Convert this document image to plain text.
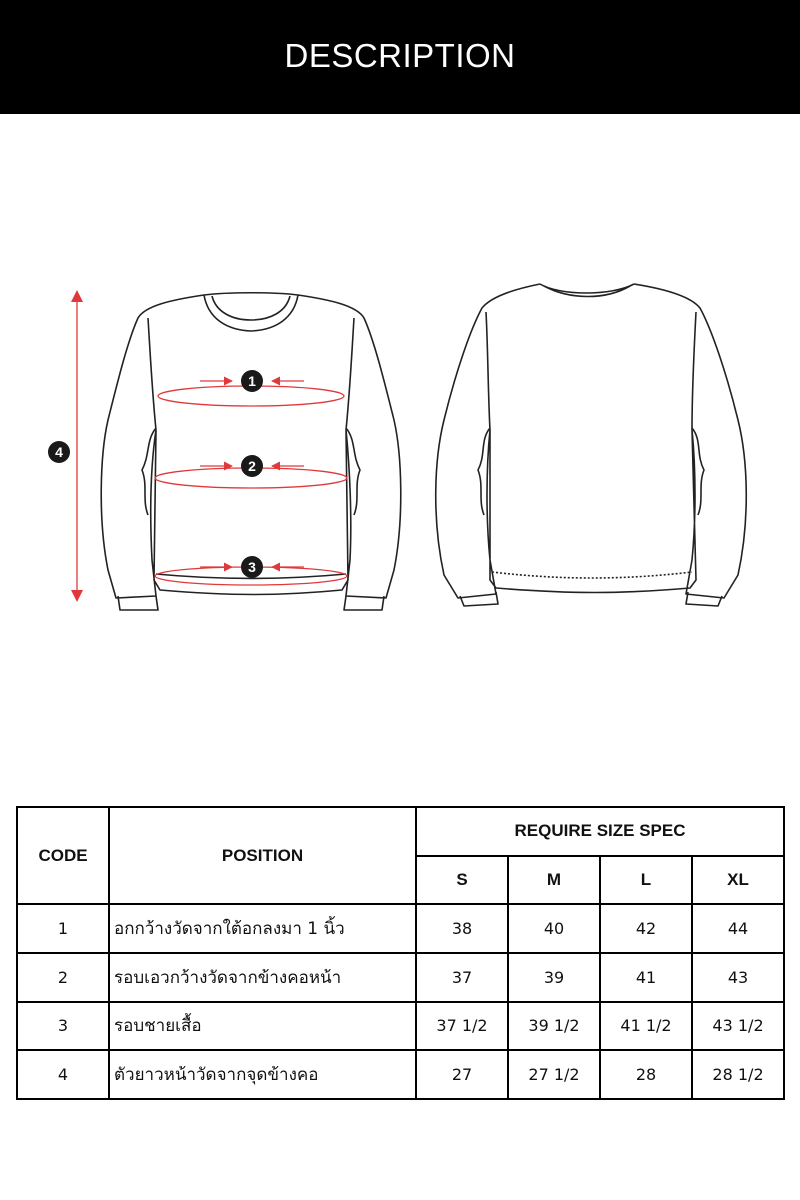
DESCRIPTION
1
2
3
4
CODE	POSITION	REQUIRE SIZE SPEC			
		S	M	L	XL
1	อกกว้างวัดจากใต้อกลงมา 1 นิ้ว	38	40	42	44
2	รอบเอวกว้างวัดจากข้างคอหน้า	37	39	41	43
3	รอบชายเสื้อ	37 1/2	39 1/2	41 1/2	43 1/2
4	ตัวยาวหน้าวัดจากจุดข้างคอ	27	27 1/2	28	28 1/2
